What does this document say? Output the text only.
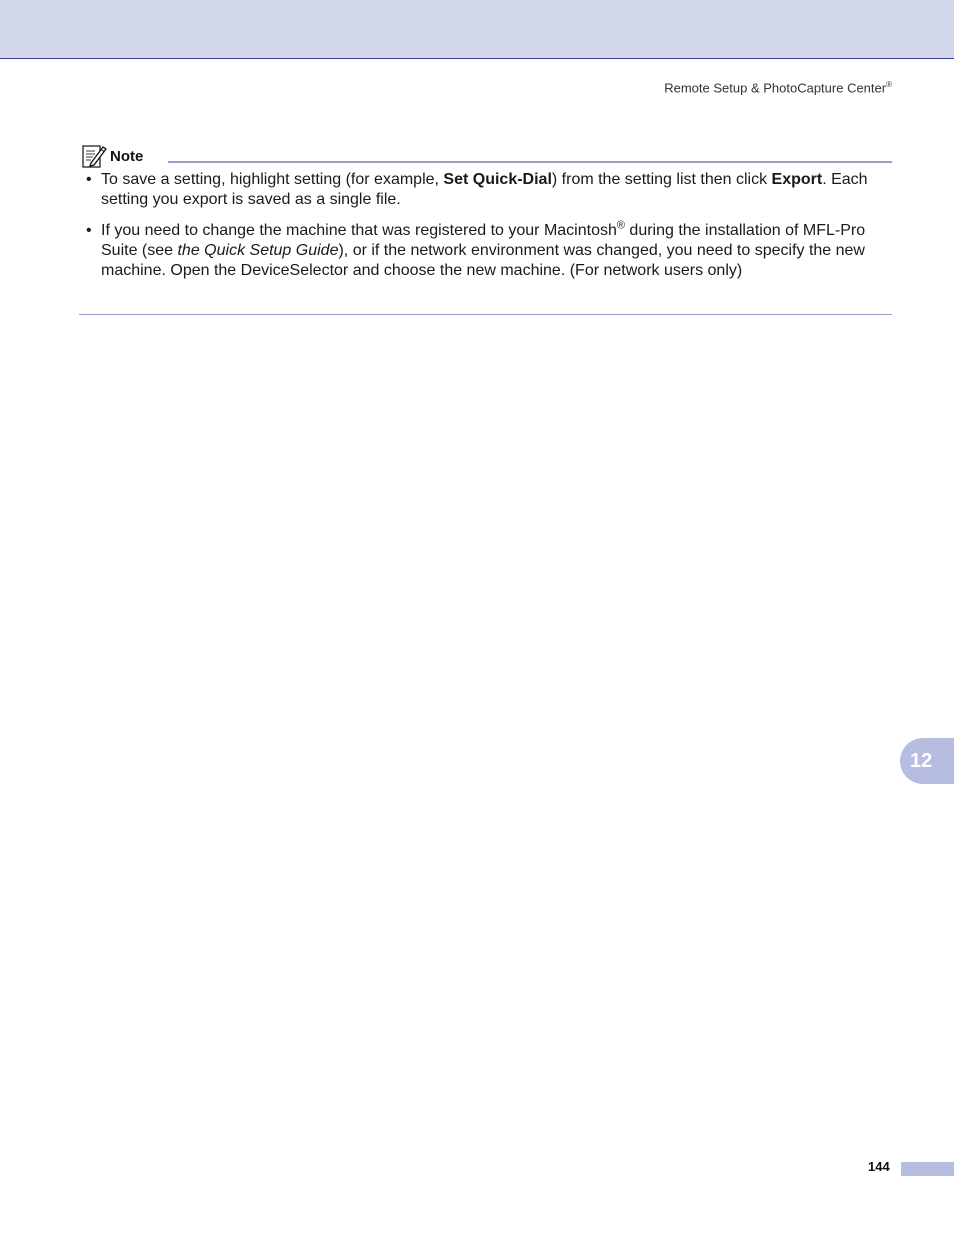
Remote Setup & PhotoCapture Center®
Note
• To save a setting, highlight setting (for example, Set Quick-Dial) from the setting list then click Export. Each setting you export is saved as a single file.
• If you need to change the machine that was registered to your Macintosh® during the installation of MFL-Pro Suite (see the Quick Setup Guide), or if the network environment was changed, you need to specify the new machine. Open the DeviceSelector and choose the new machine. (For network users only)
12
144
